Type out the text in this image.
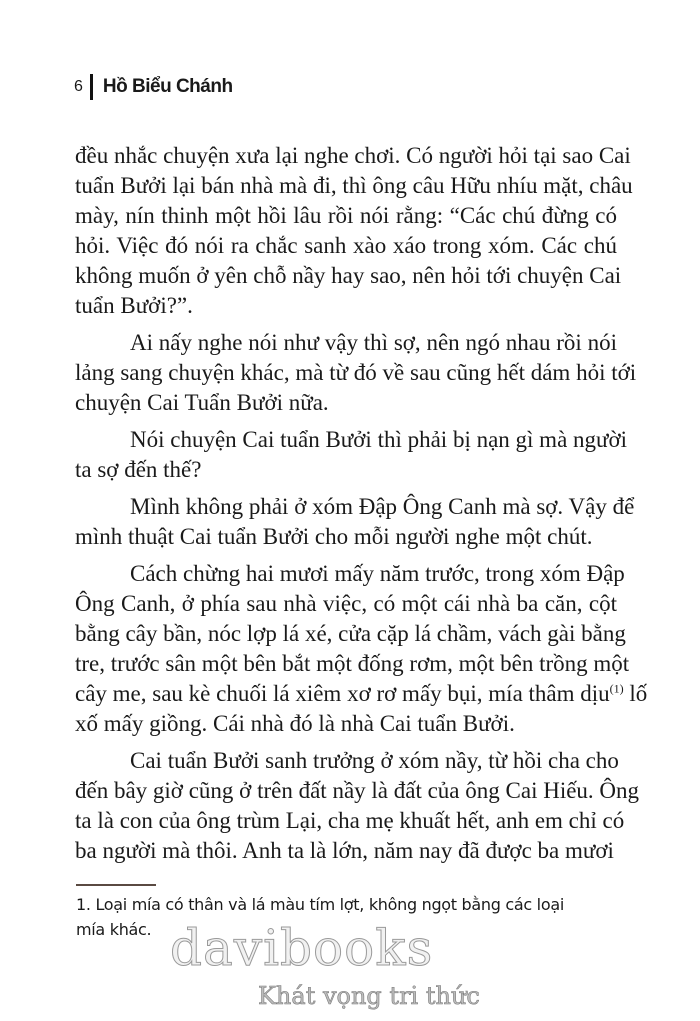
6 Hồ Biểu Chánh
đều nhắc chuyện xưa lại nghe chơi. Có người hỏi tại sao Cai
tuẩn Bưởi lại bán nhà mà đi, thì ông câu Hữu nhíu mặt, châu
mày, nín thinh một hồi lâu rồi nói rằng: “Các chú đừng có
hỏi. Việc đó nói ra chắc sanh xào xáo trong xóm. Các chú
không muốn ở yên chỗ nầy hay sao, nên hỏi tới chuyện Cai
tuẩn Bưởi?”.
Ai nấy nghe nói như vậy thì sợ, nên ngó nhau rồi nói
lảng sang chuyện khác, mà từ đó về sau cũng hết dám hỏi tới
chuyện Cai Tuẩn Bưởi nữa.
Nói chuyện Cai tuẩn Bưởi thì phải bị nạn gì mà người
ta sợ đến thế?
Mình không phải ở xóm Đập Ông Canh mà sợ. Vậy để
mình thuật Cai tuẩn Bưởi cho mỗi người nghe một chút.
Cách chừng hai mươi mấy năm trước, trong xóm Đập
Ông Canh, ở phía sau nhà việc, có một cái nhà ba căn, cột
bằng cây bần, nóc lợp lá xé, cửa cặp lá chầm, vách gài bằng
tre, trước sân một bên bắt một đống rơm, một bên trồng một
cây me, sau kè chuối lá xiêm xơ rơ mấy bụi, mía thâm dịu$^{(1)}$ lố
xố mấy giồng. Cái nhà đó là nhà Cai tuẩn Bưởi.
Cai tuẩn Bưởi sanh trưởng ở xóm nầy, từ hồi cha cho
đến bây giờ cũng ở trên đất nầy là đất của ông Cai Hiếu. Ông
ta là con của ông trùm Lại, cha mẹ khuất hết, anh em chỉ có
ba người mà thôi. Anh ta là lớn, năm nay đã được ba mươi
1. Loại mía có thân và lá màu tím lợt, không ngọt bằng các loại
mía khác. davibooks
Khát vọng tri thức
